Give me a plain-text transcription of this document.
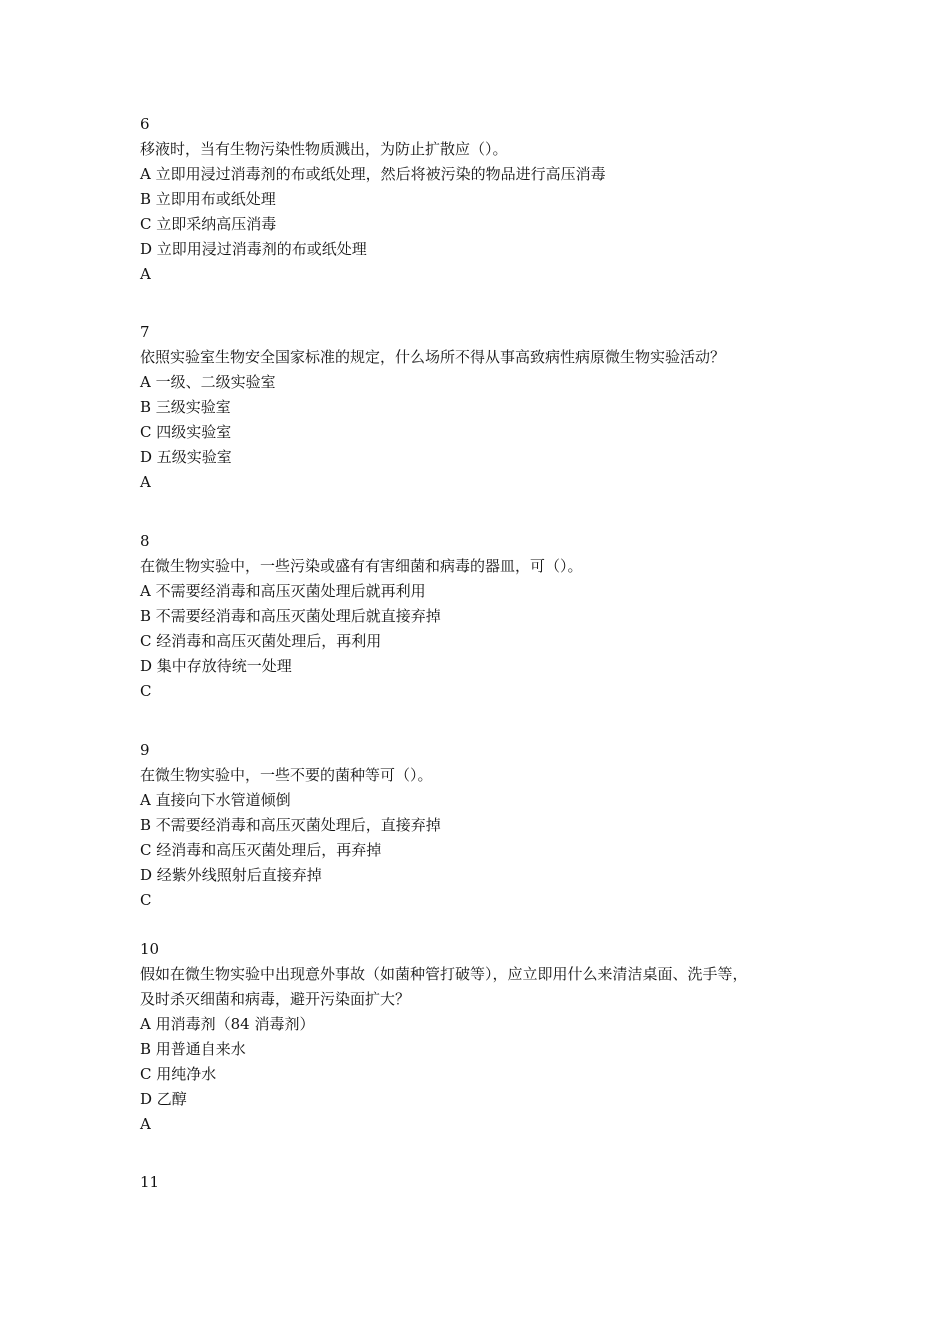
6

移液时，当有生物污染性物质溅出，为防止扩散应（）。

A 立即用浸过消毒剂的布或纸处理，然后将被污染的物品进行高压消毒

B 立即用布或纸处理

C 立即采纳高压消毒

D 立即用浸过消毒剂的布或纸处理

A

7

依照实验室生物安全国家标准的规定，什么场所不得从事高致病性病原微生物实验活动？

A 一级、二级实验室

B 三级实验室

C 四级实验室

D 五级实验室

A

8

在微生物实验中，一些污染或盛有有害细菌和病毒的器皿，可（）。

A 不需要经消毒和高压灭菌处理后就再利用

B 不需要经消毒和高压灭菌处理后就直接弃掉

C 经消毒和高压灭菌处理后，再利用

D 集中存放待统一处理

C

9

在微生物实验中，一些不要的菌种等可（）。

A 直接向下水管道倾倒

B 不需要经消毒和高压灭菌处理后，直接弃掉

C 经消毒和高压灭菌处理后，再弃掉

D 经紫外线照射后直接弃掉

C

10

假如在微生物实验中出现意外事故（如菌种管打破等），应立即用什么来清洁桌面、洗手等，

及时杀灭细菌和病毒，避开污染面扩大？

A 用消毒剂（84 消毒剂）

B 用普通自来水

C 用纯净水

D 乙醇

A

11
